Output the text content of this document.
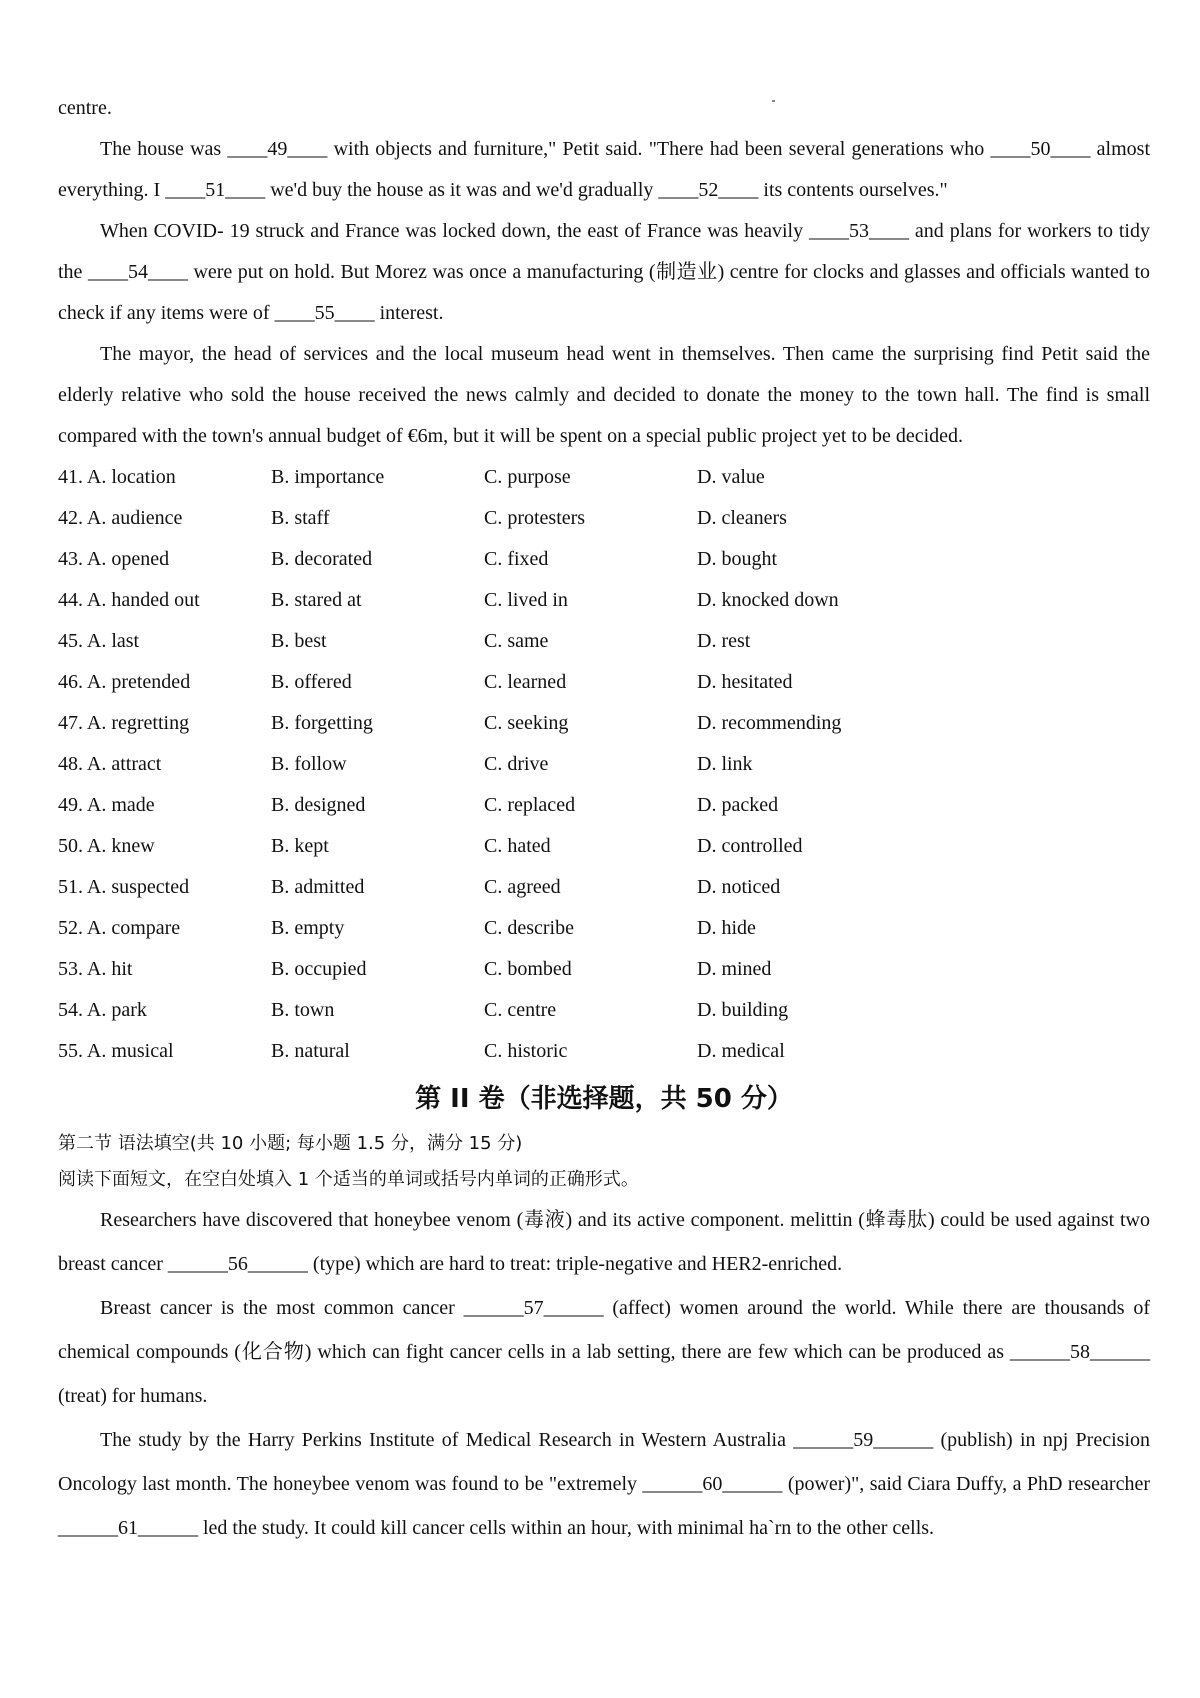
centre.

The house was ____49____ with objects and furniture," Petit said. "There had been several generations who ____50____ almost everything. I ____51____ we'd buy the house as it was and we'd gradually ____52____ its contents ourselves."

When COVID- 19 struck and France was locked down, the east of France was heavily ____53____ and plans for workers to tidy the ____54____ were put on hold. But Morez was once a manufacturing (制造业) centre for clocks and glasses and officials wanted to check if any items were of ____55____ interest.

The mayor, the head of services and the local museum head went in themselves. Then came the surprising find Petit said the elderly relative who sold the house received the news calmly and decided to donate the money to the town hall. The find is small compared with the town's annual budget of €6m, but it will be spent on a special public project yet to be decided.

41. A. location	B. importance	C. purpose	D. value
42. A. audience	B. staff	C. protesters	D. cleaners
43. A. opened	B. decorated	C. fixed	D. bought
44. A. handed out	B. stared at	C. lived in	D. knocked down
45. A. last	B. best	C. same	D. rest
46. A. pretended	B. offered	C. learned	D. hesitated
47. A. regretting	B. forgetting	C. seeking	D. recommending
48. A. attract	B. follow	C. drive	D. link
49. A. made	B. designed	C. replaced	D. packed
50. A. knew	B. kept	C. hated	D. controlled
51. A. suspected	B. admitted	C. agreed	D. noticed
52. A. compare	B. empty	C. describe	D. hide
53. A. hit	B. occupied	C. bombed	D. mined
54. A. park	B. town	C. centre	D. building
55. A. musical	B. natural	C. historic	D. medical

第 II 卷（非选择题，共 50 分）

第二节 语法填空(共 10 小题; 每小题 1.5 分，满分 15 分)

阅读下面短文，在空白处填入 1 个适当的单词或括号内单词的正确形式。

Researchers have discovered that honeybee venom (毒液) and its active component. melittin (蜂毒肽) could be used against two breast cancer ______56______ (type) which are hard to treat: triple-negative and HER2-enriched.

Breast cancer is the most common cancer ______57______ (affect) women around the world. While there are thousands of chemical compounds (化合物) which can fight cancer cells in a lab setting, there are few which can be produced as ______58______ (treat) for humans.

The study by the Harry Perkins Institute of Medical Research in Western Australia ______59______ (publish) in npj Precision Oncology last month. The honeybee venom was found to be "extremely ______60______ (power)", said Ciara Duffy, a PhD researcher ______61______ led the study. It could kill cancer cells within an hour, with minimal ha`rn to the other cells.
